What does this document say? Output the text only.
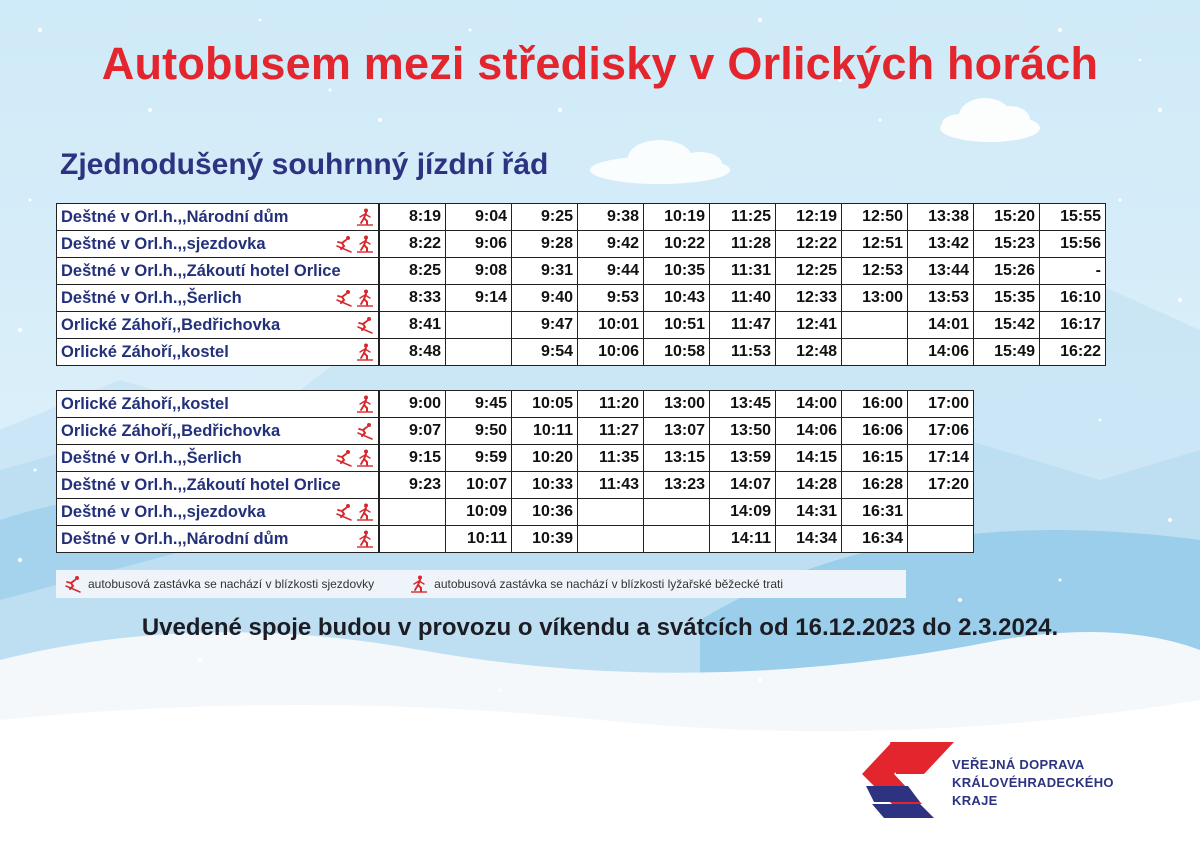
Autobusem mezi středisky v Orlických horách
Zjednodušený souhrnný jízdní řád
Deštné v Orl.h.,,Národní dům	8:19	9:04	9:25	9:38	10:19	11:25	12:19	12:50	13:38	15:20	15:55
Deštné v Orl.h.,,sjezdovka	8:22	9:06	9:28	9:42	10:22	11:28	12:22	12:51	13:42	15:23	15:56
Deštné v Orl.h.,,Zákoutí hotel Orlice	8:25	9:08	9:31	9:44	10:35	11:31	12:25	12:53	13:44	15:26	-
Deštné v Orl.h.,,Šerlich	8:33	9:14	9:40	9:53	10:43	11:40	12:33	13:00	13:53	15:35	16:10
Orlické Záhoří,,Bedřichovka	8:41		9:47	10:01	10:51	11:47	12:41		14:01	15:42	16:17
Orlické Záhoří,,kostel	8:48		9:54	10:06	10:58	11:53	12:48		14:06	15:49	16:22
Orlické Záhoří,,kostel	9:00	9:45	10:05	11:20	13:00	13:45	14:00	16:00	17:00
Orlické Záhoří,,Bedřichovka	9:07	9:50	10:11	11:27	13:07	13:50	14:06	16:06	17:06
Deštné v Orl.h.,,Šerlich	9:15	9:59	10:20	11:35	13:15	13:59	14:15	16:15	17:14
Deštné v Orl.h.,,Zákoutí hotel Orlice	9:23	10:07	10:33	11:43	13:23	14:07	14:28	16:28	17:20
Deštné v Orl.h.,,sjezdovka		10:09	10:36			14:09	14:31	16:31	
Deštné v Orl.h.,,Národní dům		10:11	10:39			14:11	14:34	16:34	
autobusová zastávka se nachází v blízkosti sjezdovky	autobusová zastávka se nachází v blízkosti lyžařské běžecké trati
Uvedené spoje budou v provozu o víkendu a svátcích od 16.12.2023 do 2.3.2024.
VEŘEJNÁ DOPRAVA
KRÁLOVÉHRADECKÉHO
KRAJE
